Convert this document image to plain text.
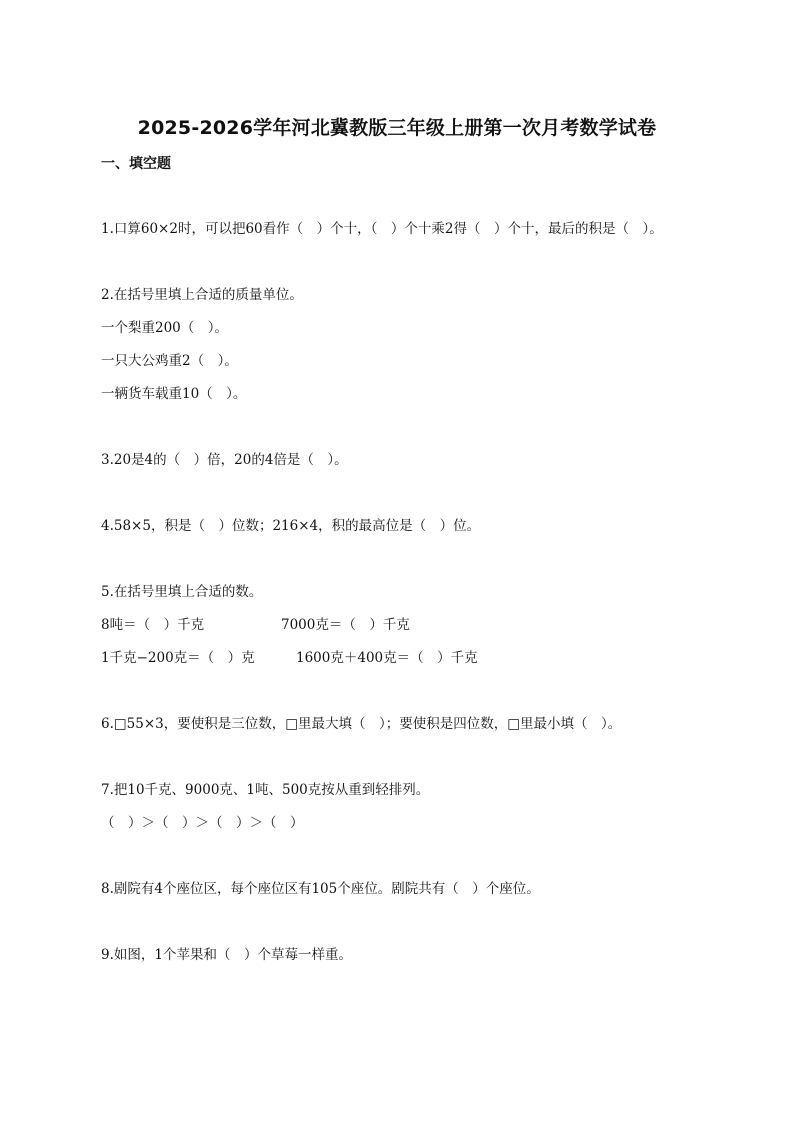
2025-2026学年河北冀教版三年级上册第一次月考数学试卷
一、填空题
1.口算60×2时，可以把60看作（　）个十，（　）个十乘2得（　）个十，最后的积是（　）。
2.在括号里填上合适的质量单位。
一个梨重200（　）。
一只大公鸡重2（　）。
一辆货车载重10（　）。
3.20是4的（　）倍，20的4倍是（　）。
4.58×5，积是（　）位数；216×4，积的最高位是（　）位。
5.在括号里填上合适的数。
8吨＝（　）千克	7000克＝（　）千克
1千克−200克＝（　）克	1600克＋400克＝（　）千克
6.□55×3，要使积是三位数，□里最大填（　）；要使积是四位数，□里最小填（　）。
7.把10千克、9000克、1吨、500克按从重到轻排列。
（　）＞（　）＞（　）＞（　）
8.剧院有4个座位区，每个座位区有105个座位。剧院共有（　）个座位。
9.如图，1个苹果和（　）个草莓一样重。
